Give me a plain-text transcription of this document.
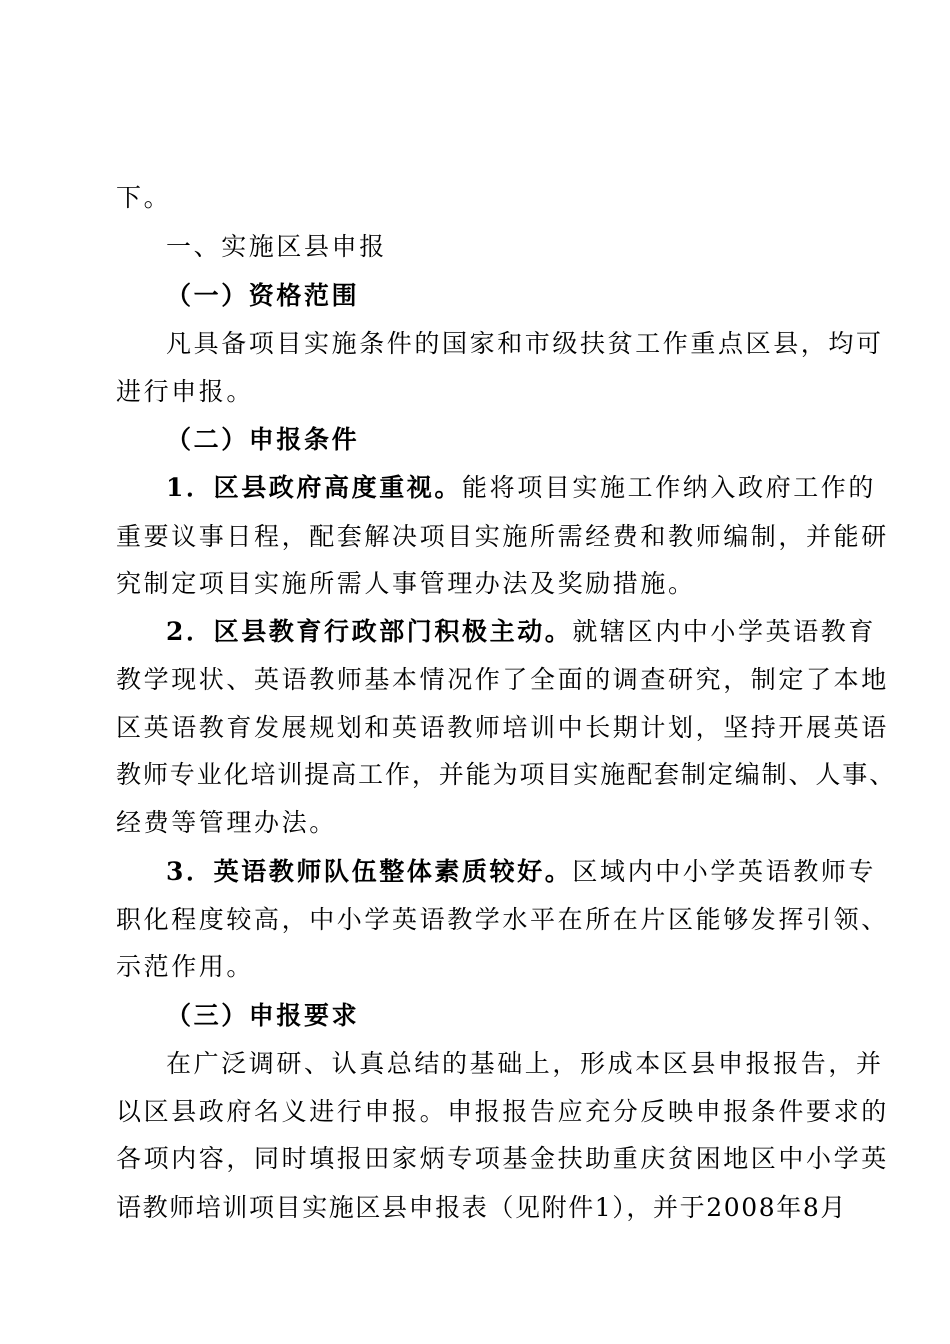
下。
一、实施区县申报
（一）资格范围
凡具备项目实施条件的国家和市级扶贫工作重点区县，均可
进行申报。
（二）申报条件
1．区县政府高度重视。能将项目实施工作纳入政府工作的
重要议事日程，配套解决项目实施所需经费和教师编制，并能研
究制定项目实施所需人事管理办法及奖励措施。
2．区县教育行政部门积极主动。就辖区内中小学英语教育
教学现状、英语教师基本情况作了全面的调查研究，制定了本地
区英语教育发展规划和英语教师培训中长期计划，坚持开展英语
教师专业化培训提高工作，并能为项目实施配套制定编制、人事、
经费等管理办法。
3．英语教师队伍整体素质较好。区域内中小学英语教师专
职化程度较高，中小学英语教学水平在所在片区能够发挥引领、
示范作用。
（三）申报要求
在广泛调研、认真总结的基础上，形成本区县申报报告，并
以区县政府名义进行申报。申报报告应充分反映申报条件要求的
各项内容，同时填报田家炳专项基金扶助重庆贫困地区中小学英
语教师培训项目实施区县申报表（见附件1），并于2008年8月
